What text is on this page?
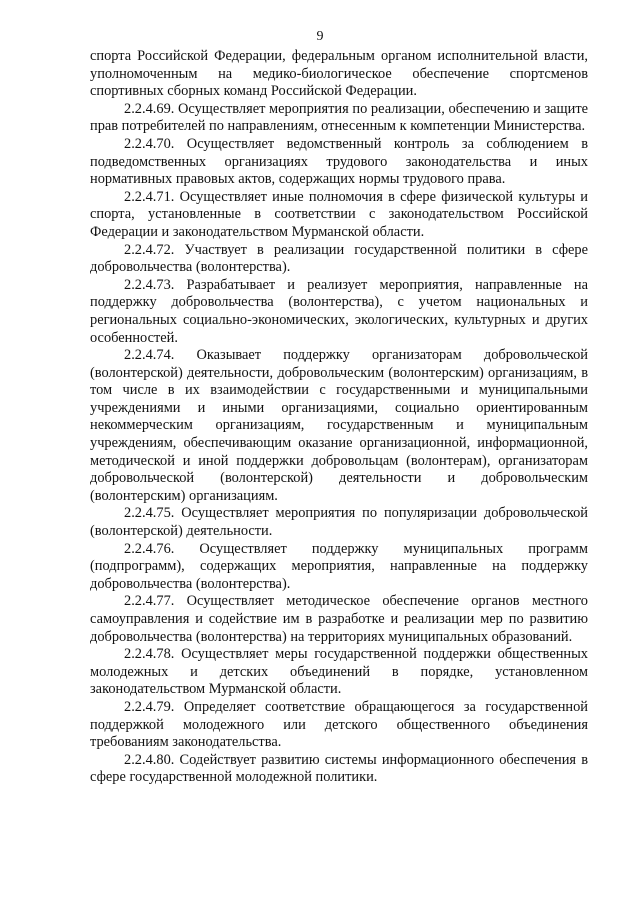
9

спорта Российской Федерации, федеральным органом исполнительной власти, уполномоченным на медико-биологическое обеспечение спортсменов спортивных сборных команд Российской Федерации.

2.2.4.69. Осуществляет мероприятия по реализации, обеспечению и защите прав потребителей по направлениям, отнесенным к компетенции Министерства.

2.2.4.70. Осуществляет ведомственный контроль за соблюдением в подведомственных организациях трудового законодательства и иных нормативных правовых актов, содержащих нормы трудового права.

2.2.4.71. Осуществляет иные полномочия в сфере физической культуры и спорта, установленные в соответствии с законодательством Российской Федерации и законодательством Мурманской области.

2.2.4.72. Участвует в реализации государственной политики в сфере добровольчества (волонтерства).

2.2.4.73. Разрабатывает и реализует мероприятия, направленные на поддержку добровольчества (волонтерства), с учетом национальных и региональных социально-экономических, экологических, культурных и других особенностей.

2.2.4.74. Оказывает поддержку организаторам добровольческой (волонтерской) деятельности, добровольческим (волонтерским) организациям, в том числе в их взаимодействии с государственными и муниципальными учреждениями и иными организациями, социально ориентированным некоммерческим организациям, государственным и муниципальным учреждениям, обеспечивающим оказание организационной, информационной, методической и иной поддержки добровольцам (волонтерам), организаторам добровольческой (волонтерской) деятельности и добровольческим (волонтерским) организациям.

2.2.4.75. Осуществляет мероприятия по популяризации добровольческой (волонтерской) деятельности.

2.2.4.76. Осуществляет поддержку муниципальных программ (подпрограмм), содержащих мероприятия, направленные на поддержку добровольчества (волонтерства).

2.2.4.77. Осуществляет методическое обеспечение органов местного самоуправления и содействие им в разработке и реализации мер по развитию добровольчества (волонтерства) на территориях муниципальных образований.

2.2.4.78. Осуществляет меры государственной поддержки общественных молодежных и детских объединений в порядке, установленном законодательством Мурманской области.

2.2.4.79. Определяет соответствие обращающегося за государственной поддержкой молодежного или детского общественного объединения требованиям законодательства.

2.2.4.80. Содействует развитию системы информационного обеспечения в сфере государственной молодежной политики.
